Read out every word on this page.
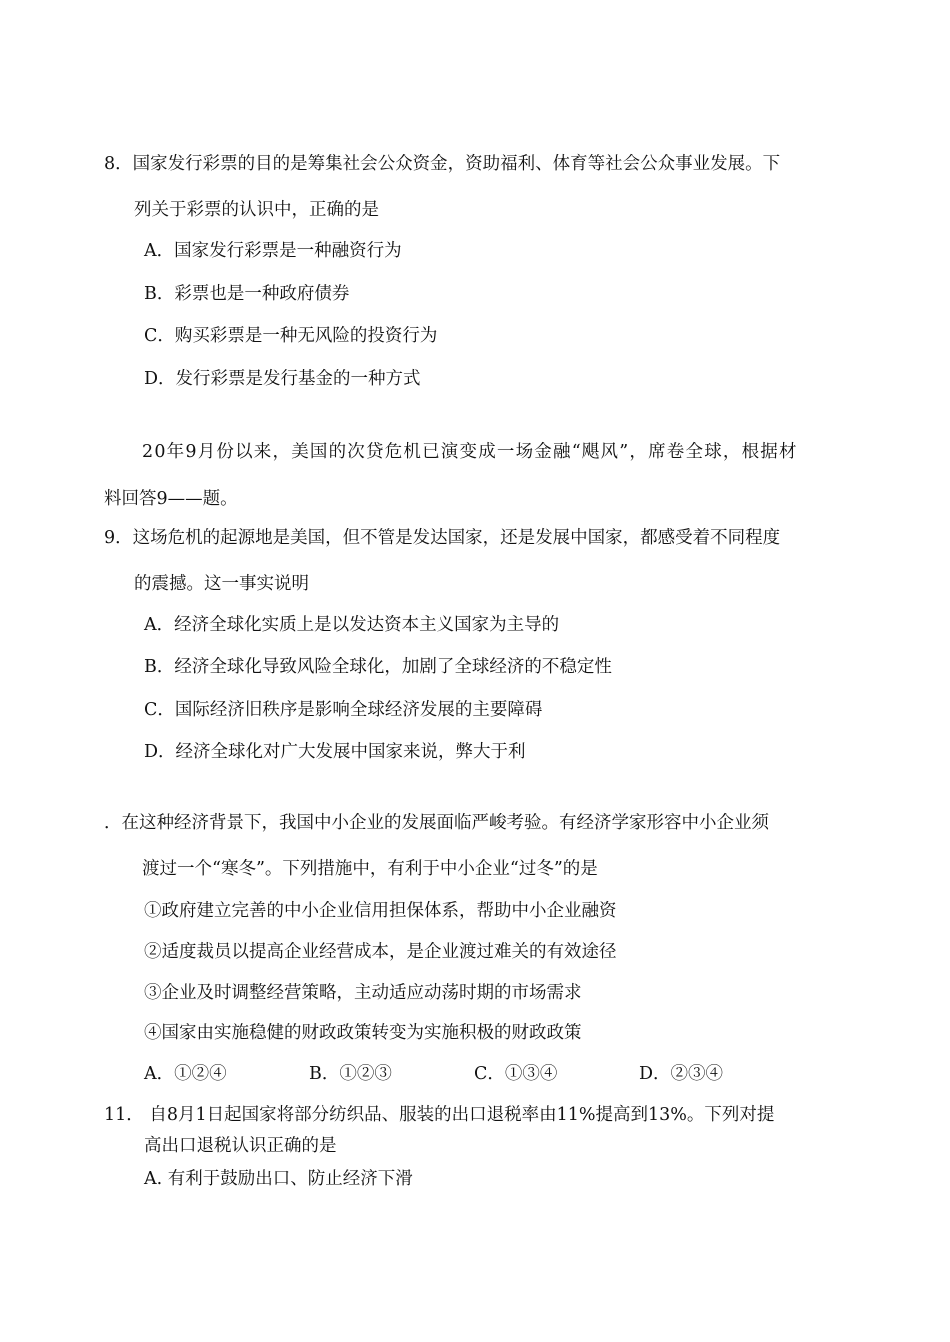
8．国家发行彩票的目的是筹集社会公众资金，资助福利、体育等社会公众事业发展。下
列关于彩票的认识中，正确的是
A．国家发行彩票是一种融资行为
B．彩票也是一种政府债券
C．购买彩票是一种无风险的投资行为
D．发行彩票是发行基金的一种方式
20年9月份以来，美国的次贷危机已演变成一场金融“飓风”，席卷全球，根据材
料回答9——题。
9．这场危机的起源地是美国，但不管是发达国家，还是发展中国家，都感受着不同程度
的震撼。这一事实说明
A．经济全球化实质上是以发达资本主义国家为主导的
B．经济全球化导致风险全球化，加剧了全球经济的不稳定性
C．国际经济旧秩序是影响全球经济发展的主要障碍
D．经济全球化对广大发展中国家来说，弊大于利
．在这种经济背景下，我国中小企业的发展面临严峻考验。有经济学家形容中小企业须
渡过一个“寒冬”。下列措施中，有利于中小企业“过冬”的是
①政府建立完善的中小企业信用担保体系，帮助中小企业融资
②适度裁员以提高企业经营成本，是企业渡过难关的有效途径
③企业及时调整经营策略，主动适应动荡时期的市场需求
④国家由实施稳健的财政政策转变为实施积极的财政政策
A．①②④	B．①②③	C．①③④	D．②③④
11． 自8月1日起国家将部分纺织品、服装的出口退税率由11%提高到13%。下列对提
高出口退税认识正确的是
A. 有利于鼓励出口、防止经济下滑
